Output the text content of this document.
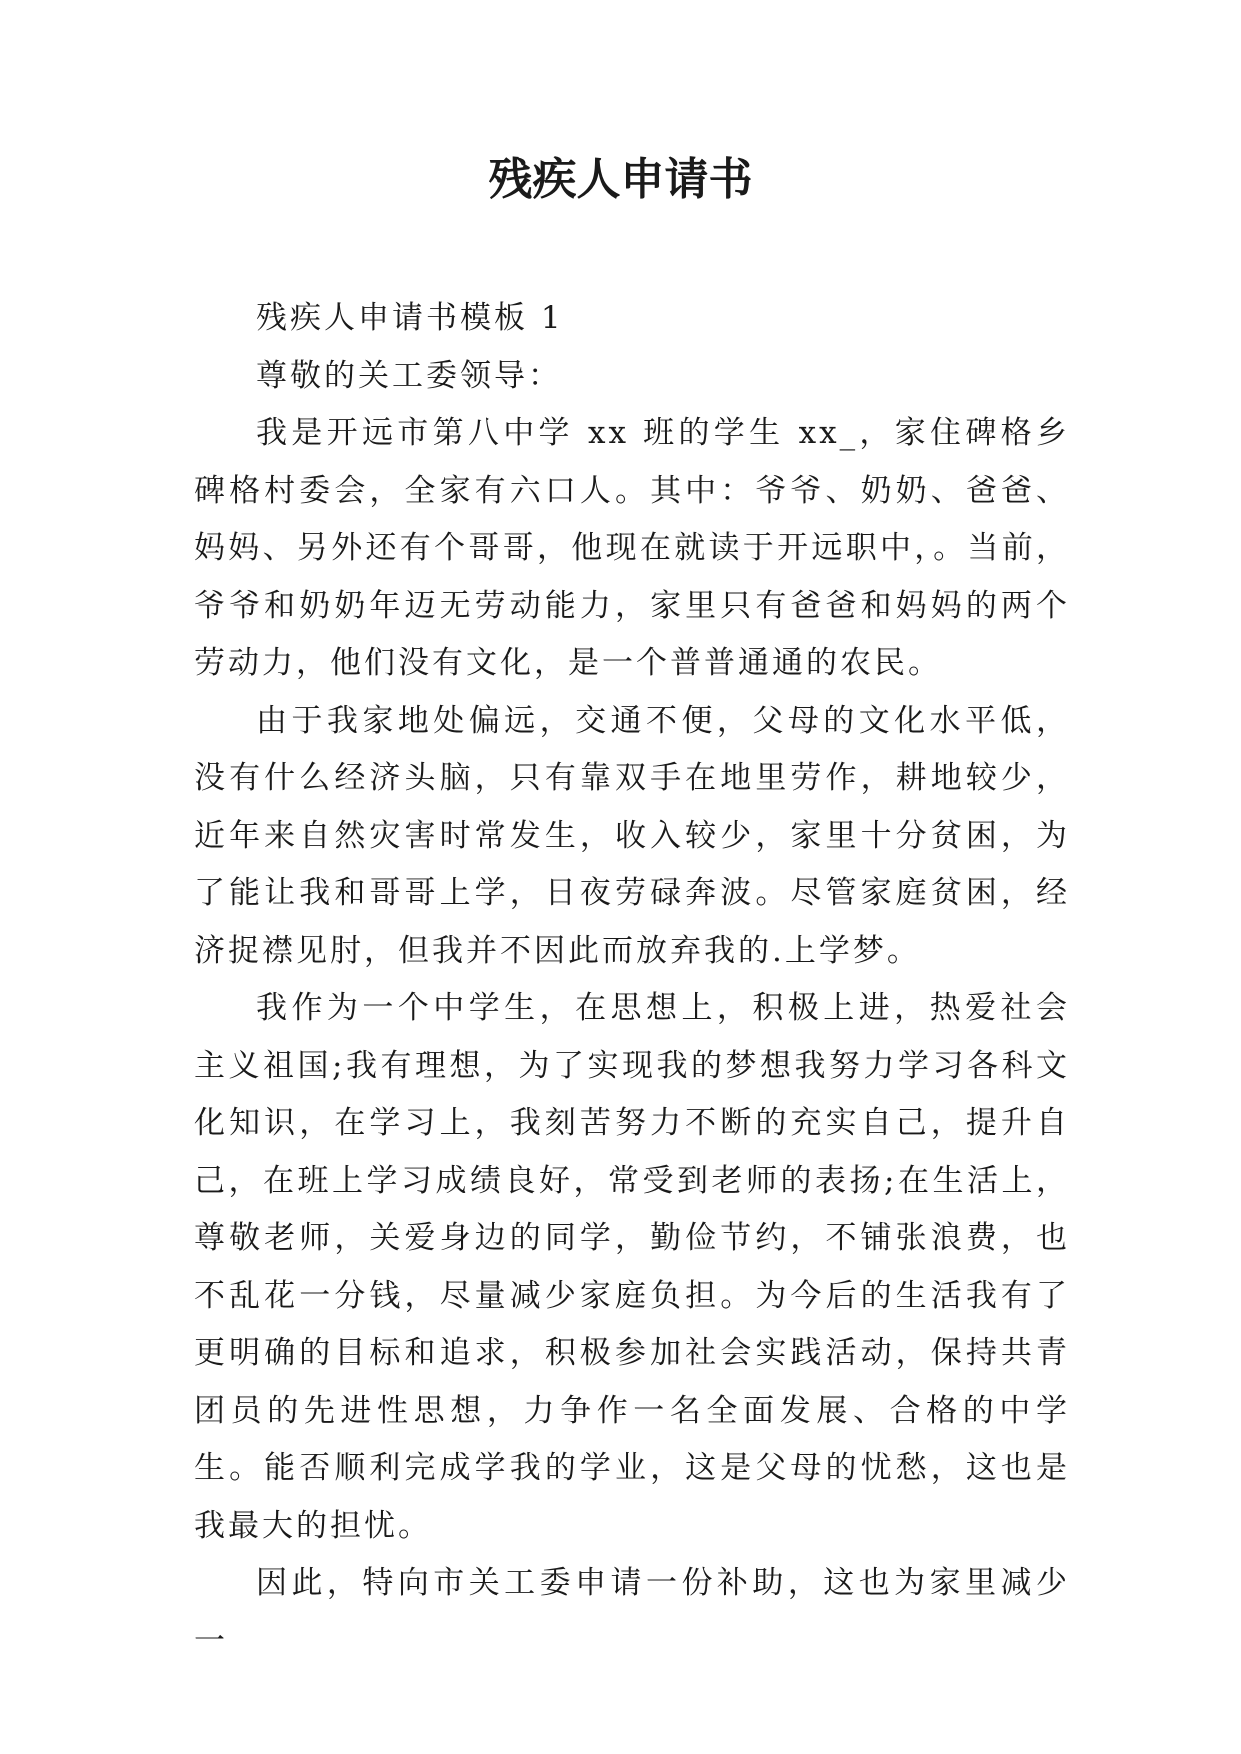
残疾人申请书

残疾人申请书模板 1

尊敬的关工委领导：

我是开远市第八中学 xx 班的学生 xx_，家住碑格乡碑格村委会，全家有六口人。其中：爷爷、奶奶、爸爸、妈妈、另外还有个哥哥，他现在就读于开远职中，。当前，爷爷和奶奶年迈无劳动能力，家里只有爸爸和妈妈的两个劳动力，他们没有文化，是一个普普通通的农民。

由于我家地处偏远，交通不便，父母的文化水平低，没有什么经济头脑，只有靠双手在地里劳作，耕地较少，近年来自然灾害时常发生，收入较少，家里十分贫困，为了能让我和哥哥上学，日夜劳碌奔波。尽管家庭贫困，经济捉襟见肘，但我并不因此而放弃我的.上学梦。

我作为一个中学生，在思想上，积极上进，热爱社会主义祖国;我有理想，为了实现我的梦想我努力学习各科文化知识，在学习上，我刻苦努力不断的充实自己，提升自己，在班上学习成绩良好，常受到老师的表扬;在生活上，尊敬老师，关爱身边的同学，勤俭节约，不铺张浪费，也不乱花一分钱，尽量减少家庭负担。为今后的生活我有了更明确的目标和追求，积极参加社会实践活动，保持共青团员的先进性思想，力争作一名全面发展、合格的中学生。能否顺利完成学我的学业，这是父母的忧愁，这也是我最大的担忧。

因此，特向市关工委申请一份补助，这也为家里减少一
